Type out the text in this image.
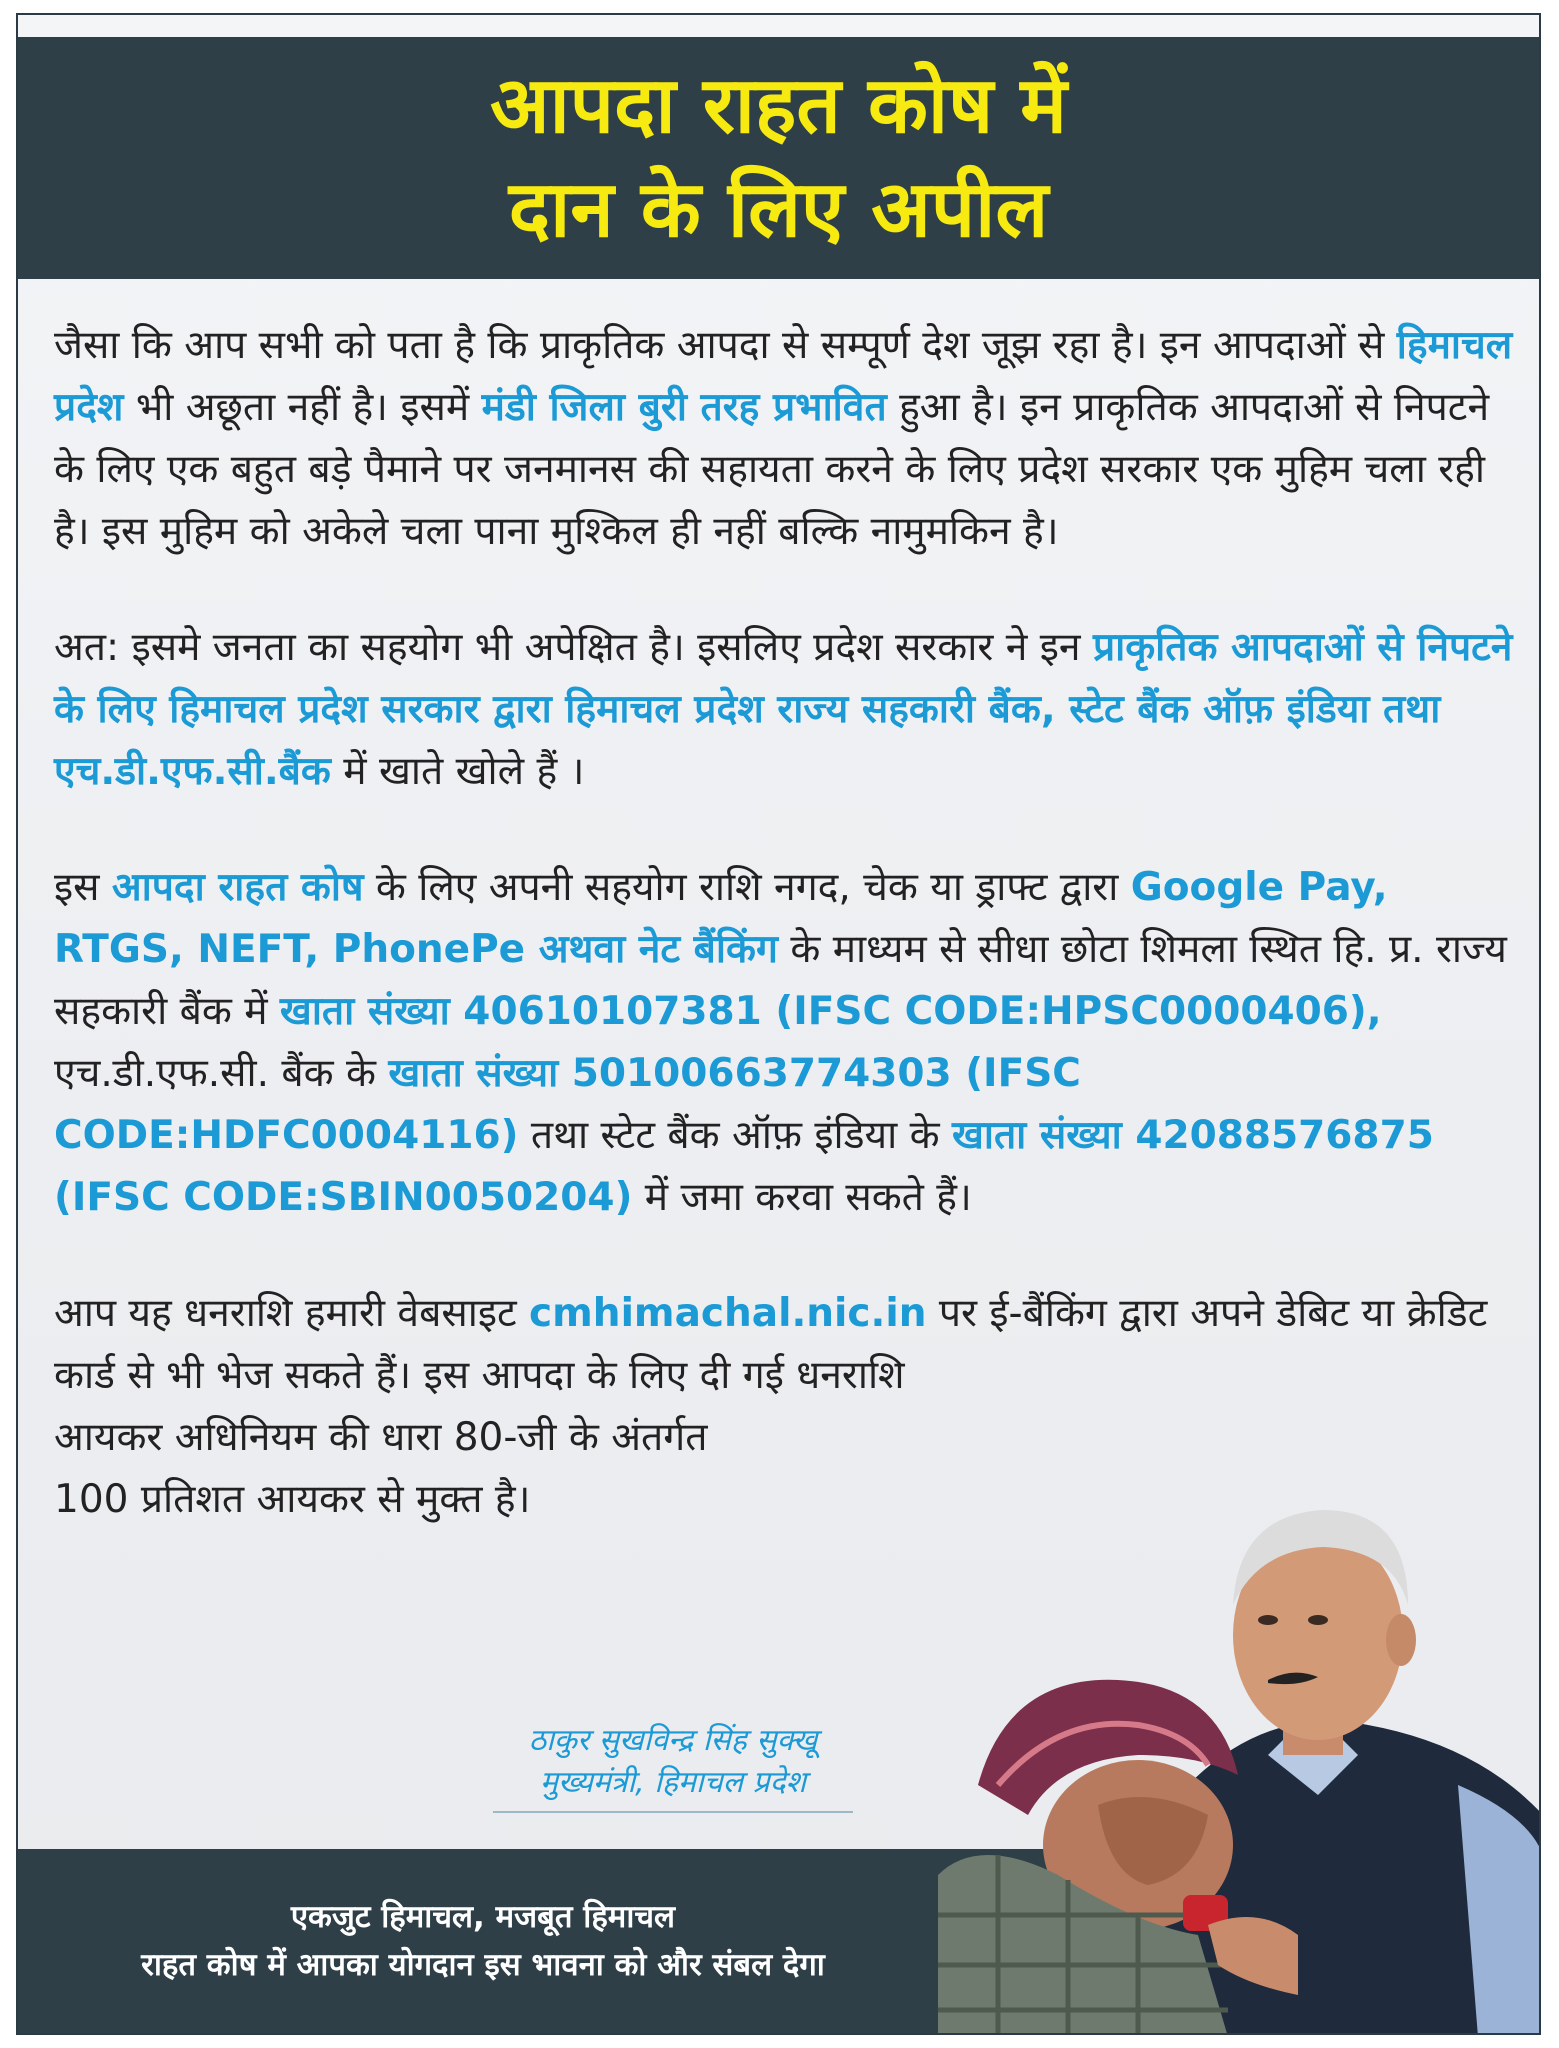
आपदा राहत कोष में
दान के लिए अपील

जैसा कि आप सभी को पता है कि प्राकृतिक आपदा से सम्पूर्ण देश जूझ रहा है। इन आपदाओं से हिमाचल प्रदेश भी अछूता नहीं है। इसमें मंडी जिला बुरी तरह प्रभावित हुआ है। इन प्राकृतिक आपदाओं से निपटने के लिए एक बहुत बड़े पैमाने पर जनमानस की सहायता करने के लिए प्रदेश सरकार एक मुहिम चला रही है। इस मुहिम को अकेले चला पाना मुश्किल ही नहीं बल्कि नामुमकिन है।

अत: इसमे जनता का सहयोग भी अपेक्षित है। इसलिए प्रदेश सरकार ने इन प्राकृतिक आपदाओं से निपटने के लिए हिमाचल प्रदेश सरकार द्वारा हिमाचल प्रदेश राज्य सहकारी बैंक, स्टेट बैंक ऑफ़ इंडिया तथा एच.डी.एफ.सी.बैंक में खाते खोले हैं ।

इस आपदा राहत कोष के लिए अपनी सहयोग राशि नगद, चेक या ड्राफ्ट द्वारा Google Pay, RTGS, NEFT, PhonePe अथवा नेट बैंकिंग के माध्यम से सीधा छोटा शिमला स्थित हि. प्र. राज्य सहकारी बैंक में खाता संख्या 40610107381 (IFSC CODE:HPSC0000406), एच.डी.एफ.सी. बैंक के खाता संख्या 50100663774303 (IFSC CODE:HDFC0004116) तथा स्टेट बैंक ऑफ़ इंडिया के खाता संख्या 42088576875 (IFSC CODE:SBIN0050204) में जमा करवा सकते हैं।

आप यह धनराशि हमारी वेबसाइट cmhimachal.nic.in पर ई-बैंकिंग द्वारा अपने डेबिट या क्रेडिट कार्ड से भी भेज सकते हैं। इस आपदा के लिए दी गई धनराशि
आयकर अधिनियम की धारा 80-जी के अंतर्गत
100 प्रतिशत आयकर से मुक्त है।

ठाकुर सुखविन्द्र सिंह सुक्खू
मुख्यमंत्री, हिमाचल प्रदेश
एकजुट हिमाचल, मजबूत हिमाचल
राहत कोष में आपका योगदान इस भावना को और संबल देगा
